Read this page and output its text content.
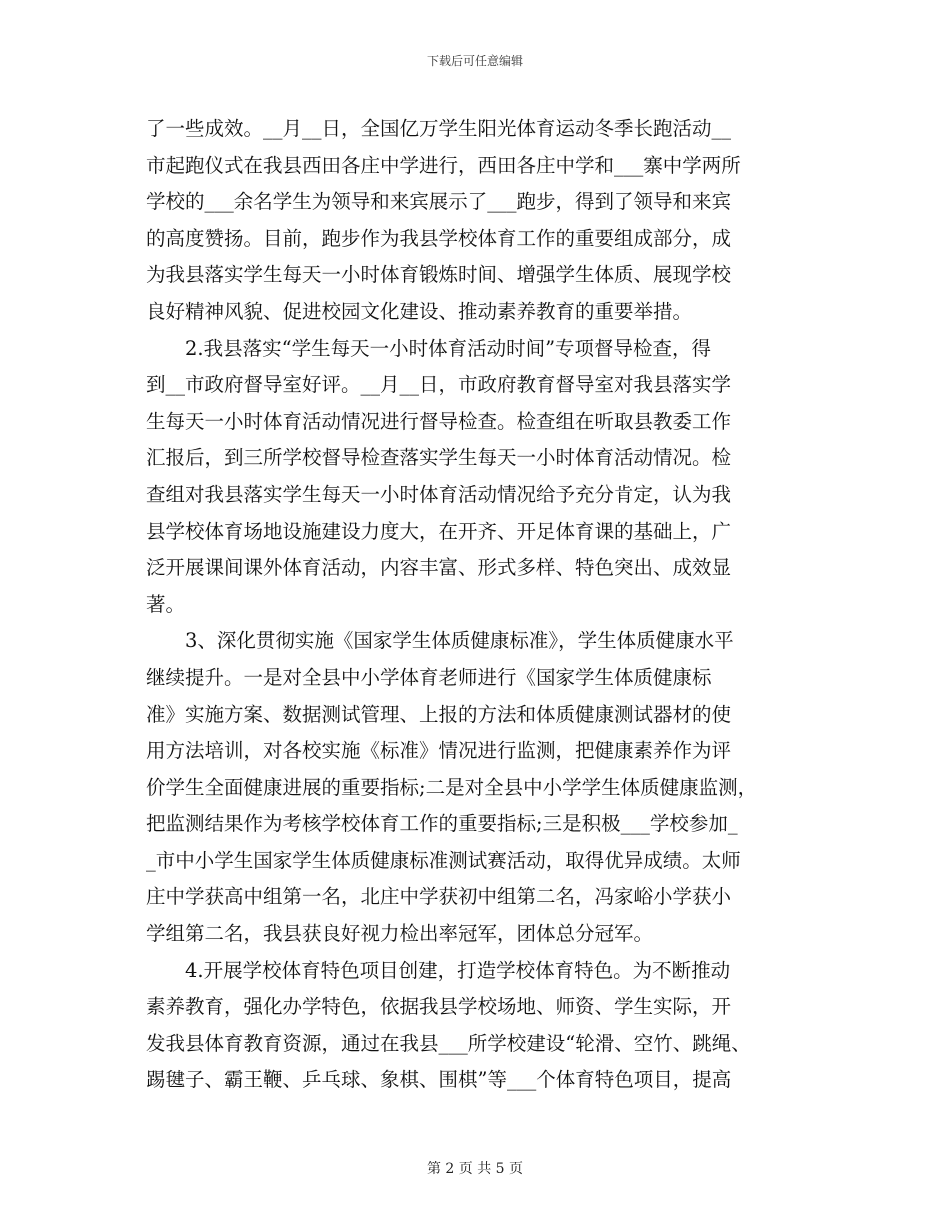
下载后可任意编辑
了一些成效。__月__日，全国亿万学生阳光体育运动冬季长跑活动__
市起跑仪式在我县西田各庄中学进行，西田各庄中学和___寨中学两所
学校的___余名学生为领导和来宾展示了___跑步，得到了领导和来宾
的高度赞扬。目前，跑步作为我县学校体育工作的重要组成部分，成
为我县落实学生每天一小时体育锻炼时间、增强学生体质、展现学校
良好精神风貌、促进校园文化建设、推动素养教育的重要举措。
　　2.我县落实“学生每天一小时体育活动时间”专项督导检查，得
到__市政府督导室好评。__月__日，市政府教育督导室对我县落实学
生每天一小时体育活动情况进行督导检查。检查组在听取县教委工作
汇报后，到三所学校督导检查落实学生每天一小时体育活动情况。检
查组对我县落实学生每天一小时体育活动情况给予充分肯定，认为我
县学校体育场地设施建设力度大，在开齐、开足体育课的基础上，广
泛开展课间课外体育活动，内容丰富、形式多样、特色突出、成效显
著。
　　3、深化贯彻实施《国家学生体质健康标准》，学生体质健康水平
继续提升。一是对全县中小学体育老师进行《国家学生体质健康标
准》实施方案、数据测试管理、上报的方法和体质健康测试器材的使
用方法培训，对各校实施《标准》情况进行监测，把健康素养作为评
价学生全面健康进展的重要指标;二是对全县中小学学生体质健康监测，
把监测结果作为考核学校体育工作的重要指标;三是积极___学校参加_
_市中小学生国家学生体质健康标准测试赛活动，取得优异成绩。太师
庄中学获高中组第一名，北庄中学获初中组第二名，冯家峪小学获小
学组第二名，我县获良好视力检出率冠军，团体总分冠军。
　　4.开展学校体育特色项目创建，打造学校体育特色。为不断推动
素养教育，强化办学特色，依据我县学校场地、师资、学生实际，开
发我县体育教育资源，通过在我县___所学校建设“轮滑、空竹、跳绳、
踢毽子、霸王鞭、乒乓球、象棋、围棋”等___个体育特色项目，提高
第 2 页 共 5 页
